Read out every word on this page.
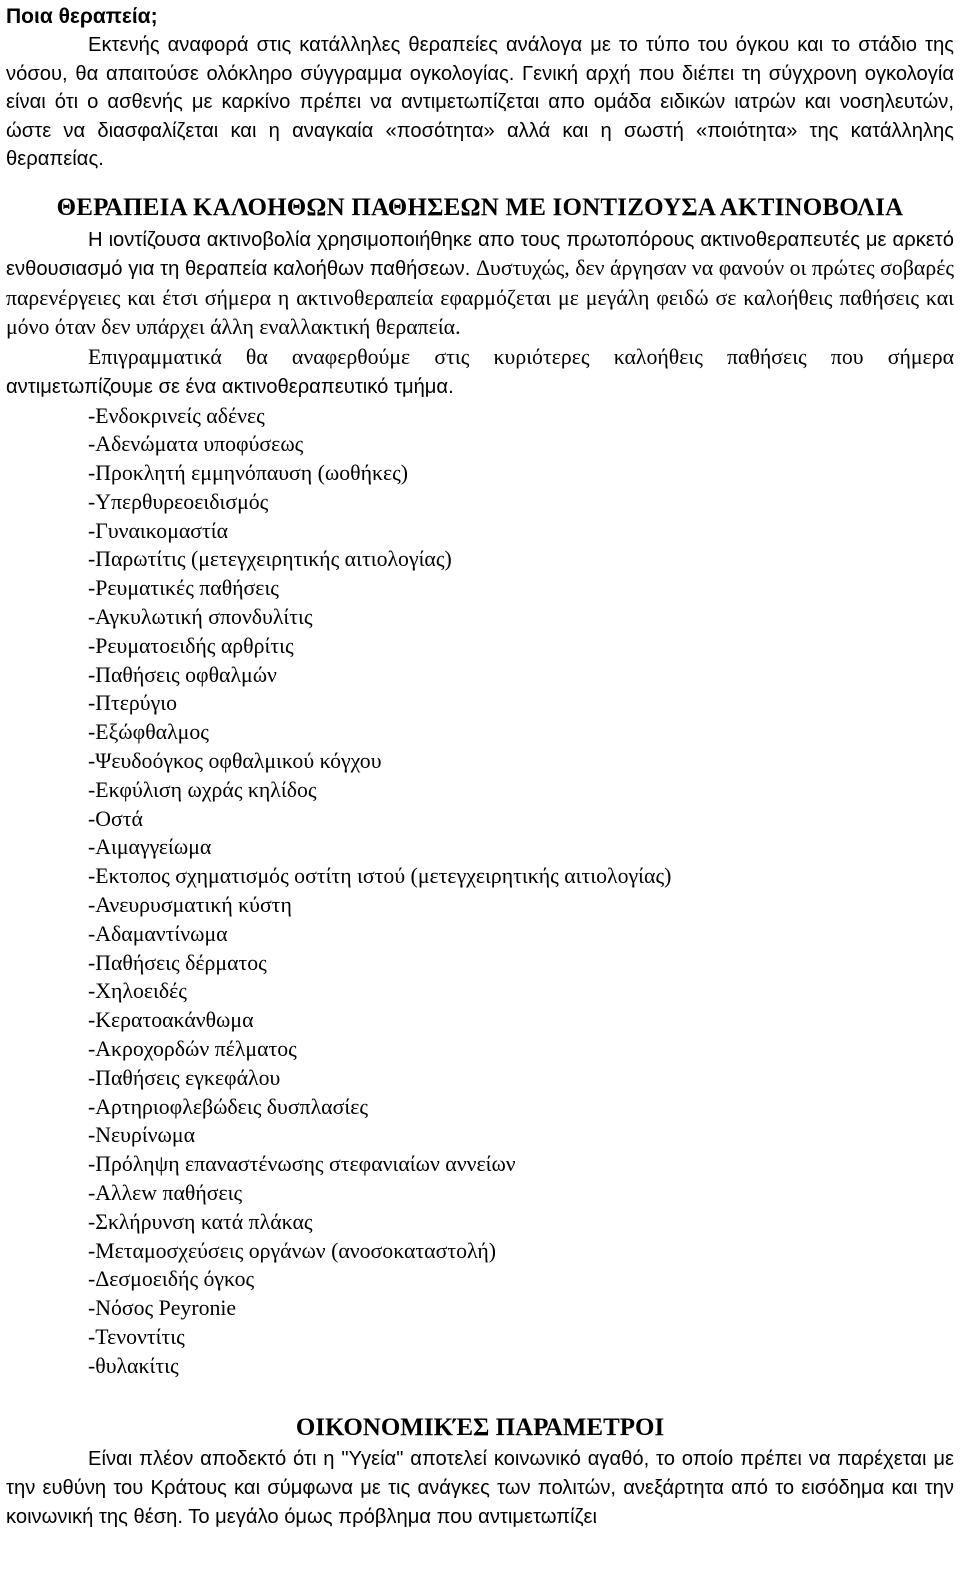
Ποια θεραπεία;

Εκτενής αναφορά στις κατάλληλες θεραπείες ανάλογα με το τύπο του όγκου και το στάδιο της νόσου, θα απαιτούσε ολόκληρο σύγγραμμα ογκολογίας. Γενική αρχή που διέπει τη σύγχρονη ογκολογία είναι ότι ο ασθενής με καρκίνο πρέπει να αντιμετωπίζεται απο ομάδα ειδικών ιατρών και νοσηλευτών, ώστε να διασφαλίζεται και η αναγκαία «ποσότητα» αλλά και η σωστή «ποιότητα» της κατάλληλης θεραπείας.

ΘΕΡΑΠΕΙΑ ΚΑΛΟΗΘΩΝ ΠΑΘΗΣΕΩΝ ΜΕ ΙΟΝΤΙΖΟΥΣΑ ΑΚΤΙΝΟΒΟΛΙΑ

Η ιοντίζουσα ακτινοβολία χρησιμοποιήθηκε απο τους πρωτοπόρους ακτινοθεραπευτές με αρκετό ενθουσιασμό για τη θεραπεία καλοήθων παθήσεων. Δυστυχώς, δεν άργησαν να φανούν οι πρώτες σοβαρές παρενέργειες και έτσι σήμερα η ακτινοθεραπεία εφαρμόζεται με μεγάλη φειδώ σε καλοήθεις παθήσεις και μόνο όταν δεν υπάρχει άλλη εναλλακτική θεραπεία.

Επιγραμματικά θα αναφερθούμε στις κυριότερες καλοήθεις παθήσεις που σήμερα αντιμετωπίζουμε σε ένα ακτινοθεραπευτικό τμήμα.

-Ενδοκρινείς αδένες
-Αδενώματα υποφύσεως
-Προκλητή εμμηνόπαυση (ωοθήκες)
-Υπερθυρεοειδισμός
-Γυναικομαστία
-Παρωτίτις (μετεγχειρητικής αιτιολογίας)
-Ρευματικές παθήσεις
-Αγκυλωτική σπονδυλίτις
-Ρευματοειδής αρθρίτις
-Παθήσεις οφθαλμών
-Πτερύγιο
-Εξώφθαλμος
-Ψευδοόγκος οφθαλμικού κόγχου
-Εκφύλιση ωχράς κηλίδος
-Οστά
-Αιμαγγείωμα
-Εκτοπος σχηματισμός οστίτη ιστού (μετεγχειρητικής αιτιολογίας)
-Ανευρυσματική κύστη
-Αδαμαντίνωμα
-Παθήσεις δέρματος
-Χηλοειδές
-Κερατοακάνθωμα
-Ακροχορδών πέλματος
-Παθήσεις εγκεφάλου
-Αρτηριοφλεβώδεις δυσπλασίες
-Νευρίνωμα
-Πρόληψη επαναστένωσης στεφανιαίων αννείων
-Αλλεw παθήσεις
-Σκλήρυνση κατά πλάκας
-Μεταμοσχεύσεις οργάνων (ανοσοκαταστολή)
-Δεσμοειδής όγκος
-Νόσος Peyronie
-Τενοντίτις
-θυλακίτις
ΟΙΚΟΝΟΜΙΚΈΣ ΠΑΡΑΜΕΤΡΟΙ

Είναι πλέον αποδεκτό ότι η "Υγεία" αποτελεί κοινωνικό αγαθό, το οποίο πρέπει να παρέχεται με την ευθύνη του Κράτους και σύμφωνα με τις ανάγκες των πολιτών, ανεξάρτητα από το εισόδημα και την κοινωνική της θέση. Το μεγάλο όμως πρόβλημα που αντιμετωπίζει
